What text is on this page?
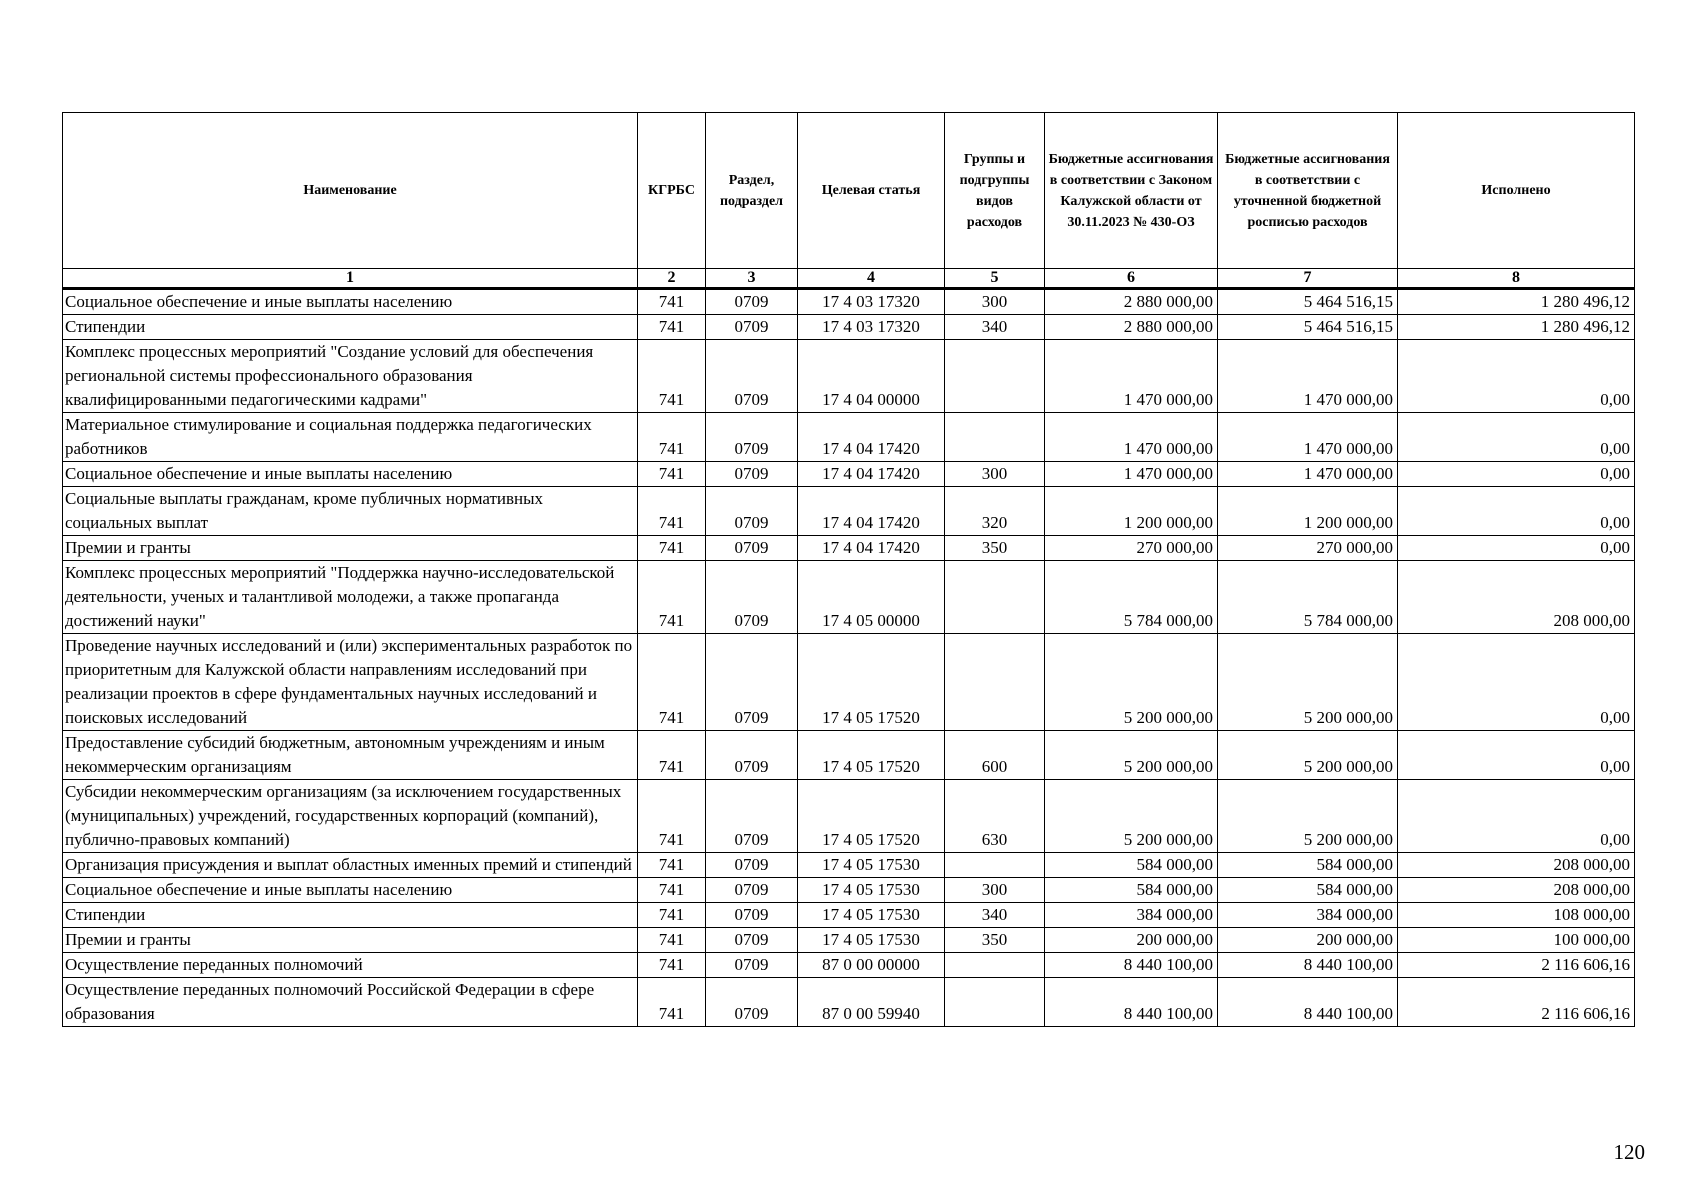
Наименование	КГРБС	Раздел, подраздел	Целевая статья	Группы и подгруппы видов расходов	Бюджетные ассигнования в соответствии с Законом Калужской области от 30.11.2023 № 430-ОЗ	Бюджетные ассигнования в соответствии с уточненной бюджетной росписью расходов	Исполнено
1	2	3	4	5	6	7	8
Социальное обеспечение и иные выплаты населению	741	0709	17 4 03 17320	300	2 880 000,00	5 464 516,15	1 280 496,12
Стипендии	741	0709	17 4 03 17320	340	2 880 000,00	5 464 516,15	1 280 496,12
Комплекс процессных мероприятий "Создание условий для обеспечения региональной системы профессионального образования квалифицированными педагогическими кадрами"	741	0709	17 4 04 00000		1 470 000,00	1 470 000,00	0,00
Материальное стимулирование и социальная поддержка педагогических работников	741	0709	17 4 04 17420		1 470 000,00	1 470 000,00	0,00
Социальное обеспечение и иные выплаты населению	741	0709	17 4 04 17420	300	1 470 000,00	1 470 000,00	0,00
Социальные выплаты гражданам, кроме публичных нормативных социальных выплат	741	0709	17 4 04 17420	320	1 200 000,00	1 200 000,00	0,00
Премии и гранты	741	0709	17 4 04 17420	350	270 000,00	270 000,00	0,00
Комплекс процессных мероприятий "Поддержка научно-исследовательской деятельности, ученых и талантливой молодежи, а также пропаганда достижений науки"	741	0709	17 4 05 00000		5 784 000,00	5 784 000,00	208 000,00
Проведение научных исследований и (или) экспериментальных разработок по приоритетным для Калужской области направлениям исследований при реализации проектов в сфере фундаментальных научных исследований и поисковых исследований	741	0709	17 4 05 17520		5 200 000,00	5 200 000,00	0,00
Предоставление субсидий бюджетным, автономным учреждениям и иным некоммерческим организациям	741	0709	17 4 05 17520	600	5 200 000,00	5 200 000,00	0,00
Субсидии некоммерческим организациям (за исключением государственных (муниципальных) учреждений, государственных корпораций (компаний), публично-правовых компаний)	741	0709	17 4 05 17520	630	5 200 000,00	5 200 000,00	0,00
Организация присуждения и выплат областных именных премий и стипендий	741	0709	17 4 05 17530		584 000,00	584 000,00	208 000,00
Социальное обеспечение и иные выплаты населению	741	0709	17 4 05 17530	300	584 000,00	584 000,00	208 000,00
Стипендии	741	0709	17 4 05 17530	340	384 000,00	384 000,00	108 000,00
Премии и гранты	741	0709	17 4 05 17530	350	200 000,00	200 000,00	100 000,00
Осуществление переданных полномочий	741	0709	87 0 00 00000		8 440 100,00	8 440 100,00	2 116 606,16
Осуществление переданных полномочий Российской Федерации в сфере образования	741	0709	87 0 00 59940		8 440 100,00	8 440 100,00	2 116 606,16
120
